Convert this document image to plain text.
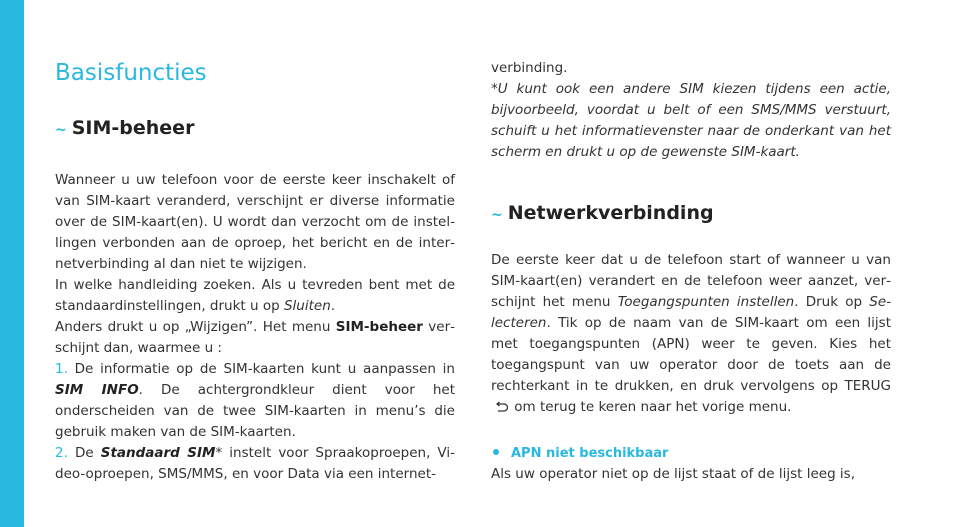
Basisfuncties
~ SIM-beheer

Wanneer u uw telefoon voor de eerste keer inschakelt of van SIM-kaart veranderd, verschijnt er diverse informatie over de SIM-kaart(en). U wordt dan verzocht om de instellingen verbonden aan de oproep, het bericht en de internetverbinding al dan niet te wijzigen.

In welke handleiding zoeken. Als u tevreden bent met de standaardinstellingen, drukt u op Sluiten.

Anders drukt u op „Wijzigen”. Het menu SIM-beheer verschijnt dan, waarmee u :

1. De informatie op de SIM-kaarten kunt u aanpassen in SIM INFO. De achtergrondkleur dient voor het onderscheiden van de twee SIM-kaarten in menu’s die gebruik maken van de SIM-kaarten.

2. De Standaard SIM* instelt voor Spraakoproepen, Video-oproepen, SMS/MMS, en voor Data via een internet-

verbinding.

*U kunt ook een andere SIM kiezen tijdens een actie, bijvoorbeeld, voordat u belt of een SMS/MMS verstuurt, schuift u het informatievenster naar de onderkant van het scherm en drukt u op de gewenste SIM-kaart.

~ Netwerkverbinding

De eerste keer dat u de telefoon start of wanneer u van SIM-kaart(en) verandert en de telefoon weer aanzet, verschijnt het menu Toegangspunten instellen. Druk op Selecteren. Tik op de naam van de SIM-kaart om een lijst met toegangspunten (APN) weer te geven. Kies het toegangspunt van uw operator door de toets aan de rechterkant in te drukken, en druk vervolgens op TERUG  om terug te keren naar het vorige menu.

APN niet beschikbaar

Als uw operator niet op de lijst staat of de lijst leeg is,
